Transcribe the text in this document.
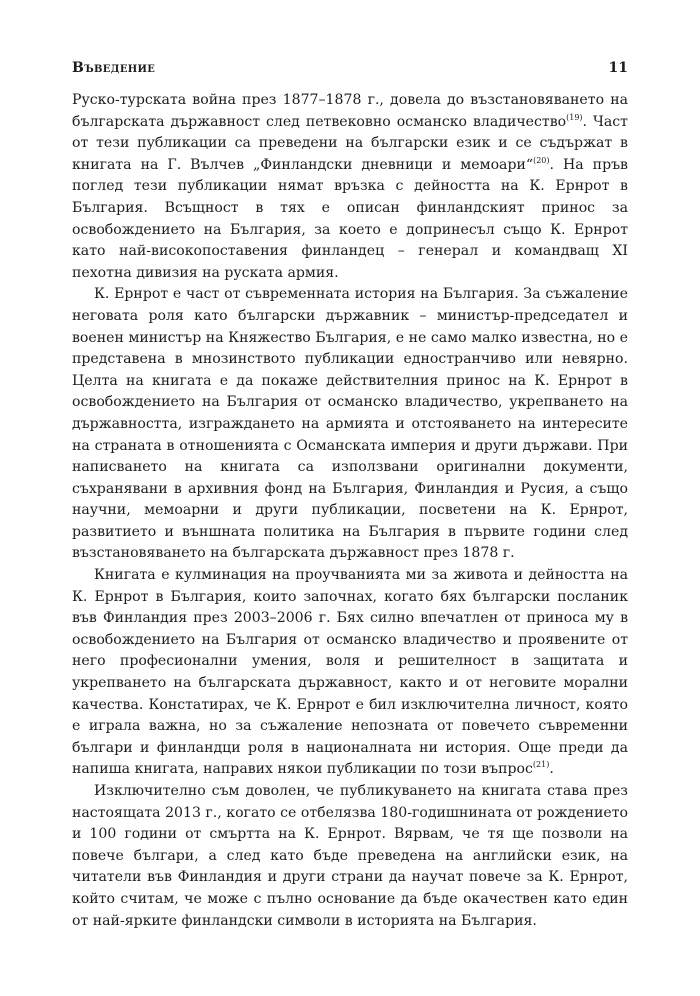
Въведение	11

Руско-турската война през 1877–1878 г., довела до възстановяването на българската държавност след петвековно османско владичество$^{(19)}$. Част от тези публикации са преведени на български език и се съдържат в книгата на Г. Вълчев „Финландски дневници и мемоари“$^{(20)}$. На пръв поглед тези публикации нямат връзка с дейността на К. Ернрот в България. Всъщност в тях е описан финландският принос за освобождението на България, за което е допринесъл също К. Ернрот като най-високопоставения финландец – генерал и командващ XI пехотна дивизия на руската армия.

К. Ернрот е част от съвременната история на България. За съжаление неговата роля като български държавник – министър-председател и военен министър на Княжество България, е не само малко известна, но е представена в мнозинството публикации едностранчиво или невярно. Целта на книгата е да покаже действителния принос на К. Ернрот в освобождението на България от османско владичество, укрепването на държавността, изграждането на армията и отстояването на интересите на страната в отношенията с Османската империя и други държави. При написването на книгата са използвани оригинални документи, съхранявани в архивния фонд на България, Финландия и Русия, а също научни, мемоарни и други публикации, посветени на К. Ернрот, развитието и външната политика на България в първите години след възстановяването на българската държавност през 1878 г.

Книгата е кулминация на проучванията ми за живота и дейността на К. Ернрот в България, които започнах, когато бях български посланик във Финландия през 2003–2006 г. Бях силно впечатлен от приноса му в освобождението на България от османско владичество и проявените от него професионални умения, воля и решителност в защитата и укрепването на българската държавност, както и от неговите морални качества. Констатирах, че К. Ернрот е бил изключителна личност, която е играла важна, но за съжаление непозната от повечето съвременни българи и финландци роля в националната ни история. Още преди да напиша книгата, направих някои публикации по този въпрос$^{(21)}$.

Изключително съм доволен, че публикуването на книгата става през настоящата 2013 г., когато се отбелязва 180-годишнината от рождението и 100 години от смъртта на К. Ернрот. Вярвам, че тя ще позволи на повече българи, а след като бъде преведена на английски език, на читатели във Финландия и други страни да научат повече за К. Ернрот, който считам, че може с пълно основание да бъде окачествен като един от най-ярките финландски символи в историята на България.
